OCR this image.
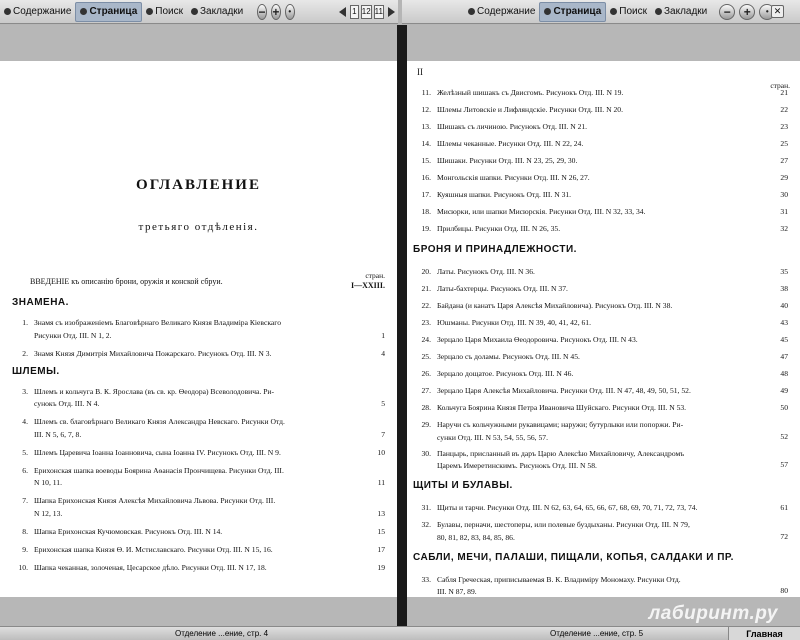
Содержание Страница Поиск Закладки − +	•	1 12 11	Содержание Страница Поиск Закладки	−	+	• ✕
ОГЛАВЛЕНИЕ
третьяго отдѣленія.
ВВЕДЕНІЕ къ описанію брони, оружія и конской сбруи.
стран.
I—XXIII.
ЗНАМЕНА.
1. Знамя съ изображеніемъ Благовѣрнаго Великаго Князя Владиміра Кіевскаго
Рисунки Отд. III. N 1, 2.	1
2. Знамя Князя Димитрія Михайловича Пожарскаго. Рисунокъ Отд. III. N 3.	4
ШЛЕМЫ.
3. Шлемъ и кольчуга В. К. Ярослава (въ св. кр. Ѳеодора) Всеволодовича. Ри-
сунокъ Отд. III. N 4.	5
4. Шлемъ св. благовѣрнаго Великаго Князя Александра Невскаго. Рисунки Отд.
III. N 5, 6, 7, 8.	7
5. Шлемъ Царевича Іоанна Іоанновича, сына Іоанна IV. Рисунокъ Отд. III. N 9.	10
6. Ерихонская шапка воеводы Боярина Аѳанасія Прончищева. Рисунки Отд. III.
N 10, 11.	11
7. Шапка Ерихонская Князя Алексѣя Михайловича Львова. Рисунки Отд. III.
N 12, 13.	13
8. Шапка Ерихонская Кучюмовская. Рисунокъ Отд. III. N 14.	15
9. Ерихонская шапка Князя Ѳ. И. Мстиславскаго. Рисунки Отд. III. N 15, 16.	17
10. Шапка чеканная, золоченая, Цесарское дѣло. Рисунки Отд. III. N 17, 18.	19
II
стран.
11. Желѣзный шишакъ съ Двисгомъ. Рисунокъ Отд. III. N 19.	21
12. Шлемы Литовскіе и Лифляндскіе. Рисунки Отд. III. N 20.	22
13. Шишакъ съ личиною. Рисунокъ Отд. III. N 21.	23
14. Шлемы чеканные. Рисунки Отд. III. N 22, 24.	25
15. Шишаки. Рисунки Отд. III. N 23, 25, 29, 30.	27
16. Монгольскія шапки. Рисунки Отд. III. N 26, 27.	29
17. Куяшныя шапки. Рисунокъ Отд. III. N 31.	30
18. Мисюрки, или шапки Мисюрскія. Рисунки Отд. III. N 32, 33, 34.	31
19. Прилбицы. Рисунки Отд. III. N 26, 35.	32
БРОНЯ И ПРИНАДЛЕЖНОСТИ.
20. Латы. Рисунокъ Отд. III. N 36.	35
21. Латы-бахтерцы. Рисунокъ Отд. III. N 37.	38
22. Байдана (и канатъ Царя Алексѣя Михайловича). Рисунокъ Отд. III. N 38.	40
23. Юшманы. Рисунки Отд. III. N 39, 40, 41, 42, 61.	43
24. Зерцало Царя Михаила Ѳеодоровича. Рисунокъ Отд. III. N 43.	45
25. Зерцало съ доламы. Рисунокъ Отд. III. N 45.	47
26. Зерцало дощатое. Рисунокъ Отд. III. N 46.	48
27. Зерцало Царя Алексѣя Михайловича. Рисунки Отд. III. N 47, 48, 49, 50, 51, 52.	49
28. Кольчуга Боярина Князя Петра Ивановича Шуйскаго. Рисунки Отд. III. N 53.	50
29. Наручи съ кольчужными рукавицами; наружи; бутурлыки или попоржи. Ри-
сунки Отд. III. N 53, 54, 55, 56, 57.	52
30. Панцырь, присланный въ даръ Царю Алексѣю Михайловичу, Александромъ
Царемъ Имеретинскимъ. Рисунокъ Отд. III. N 58.	57
ЩИТЫ И БУЛАВЫ.
31. Щиты и тарчи. Рисунки Отд. III. N 62, 63, 64, 65, 66, 67, 68, 69, 70, 71, 72, 73, 74.	61
32. Булавы, перначи, шестоперы, или полевые буздыханы. Рисунки Отд. III. N 79,
80, 81, 82, 83, 84, 85, 86.	72
САБЛИ, МЕЧИ, ПАЛАШИ, ПИЩАЛИ, КОПЬЯ, САЛДАКИ И ПР.
33. Сабля Греческая, приписываемая В. К. Владиміру Мономаху. Рисунки Отд.
III. N 87, 89.	80
лабиринт.ру
Отделение ...ение, стр. 4	Отделение ...ение, стр. 5	Главная
